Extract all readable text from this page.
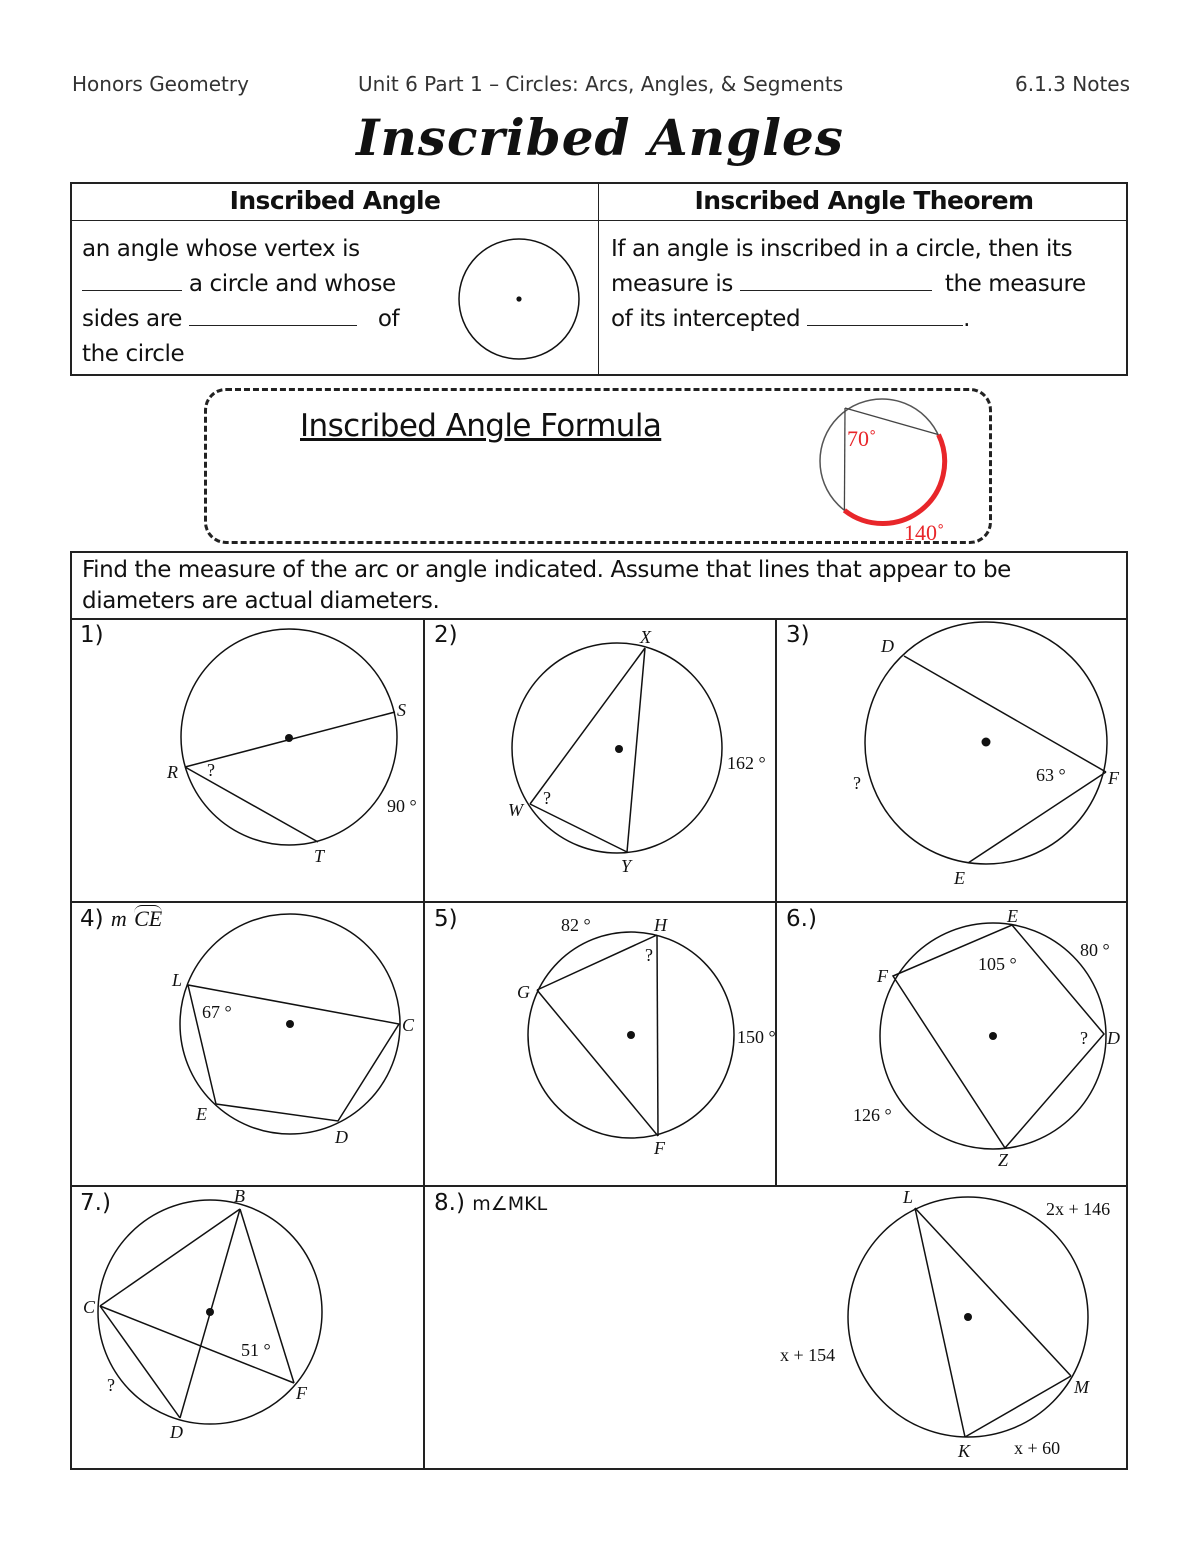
Honors Geometry	Unit 6 Part 1 – Circles: Arcs, Angles, & Segments	6.1.3 Notes
Inscribed Angles
Inscribed Angle	Inscribed Angle Theorem
an angle whose vertex is
a circle and whose
sides are	of
the circle
If an angle is inscribed in a circle, then its
measure is	the measure
of its intercepted	.
Inscribed Angle Formula	70˚
140˚
Find the measure of the arc or angle indicated. Assume that lines that appear to be diameters are actual diameters.
1)	2)	3)
4) m CE	5)	6.)
7.)	8.) m∠MKL
S
R
T
?
90 °
X
W
Y
?
162 °
D
F
E
?	63 °
L
C
E
D
67 °
82 °	H
?
G
150 °
F
E
80 °
F
105 °
? D
126 °
Z
B
C
51 °
?	F
D
L
2x + 146
x + 154
M
K x + 60
